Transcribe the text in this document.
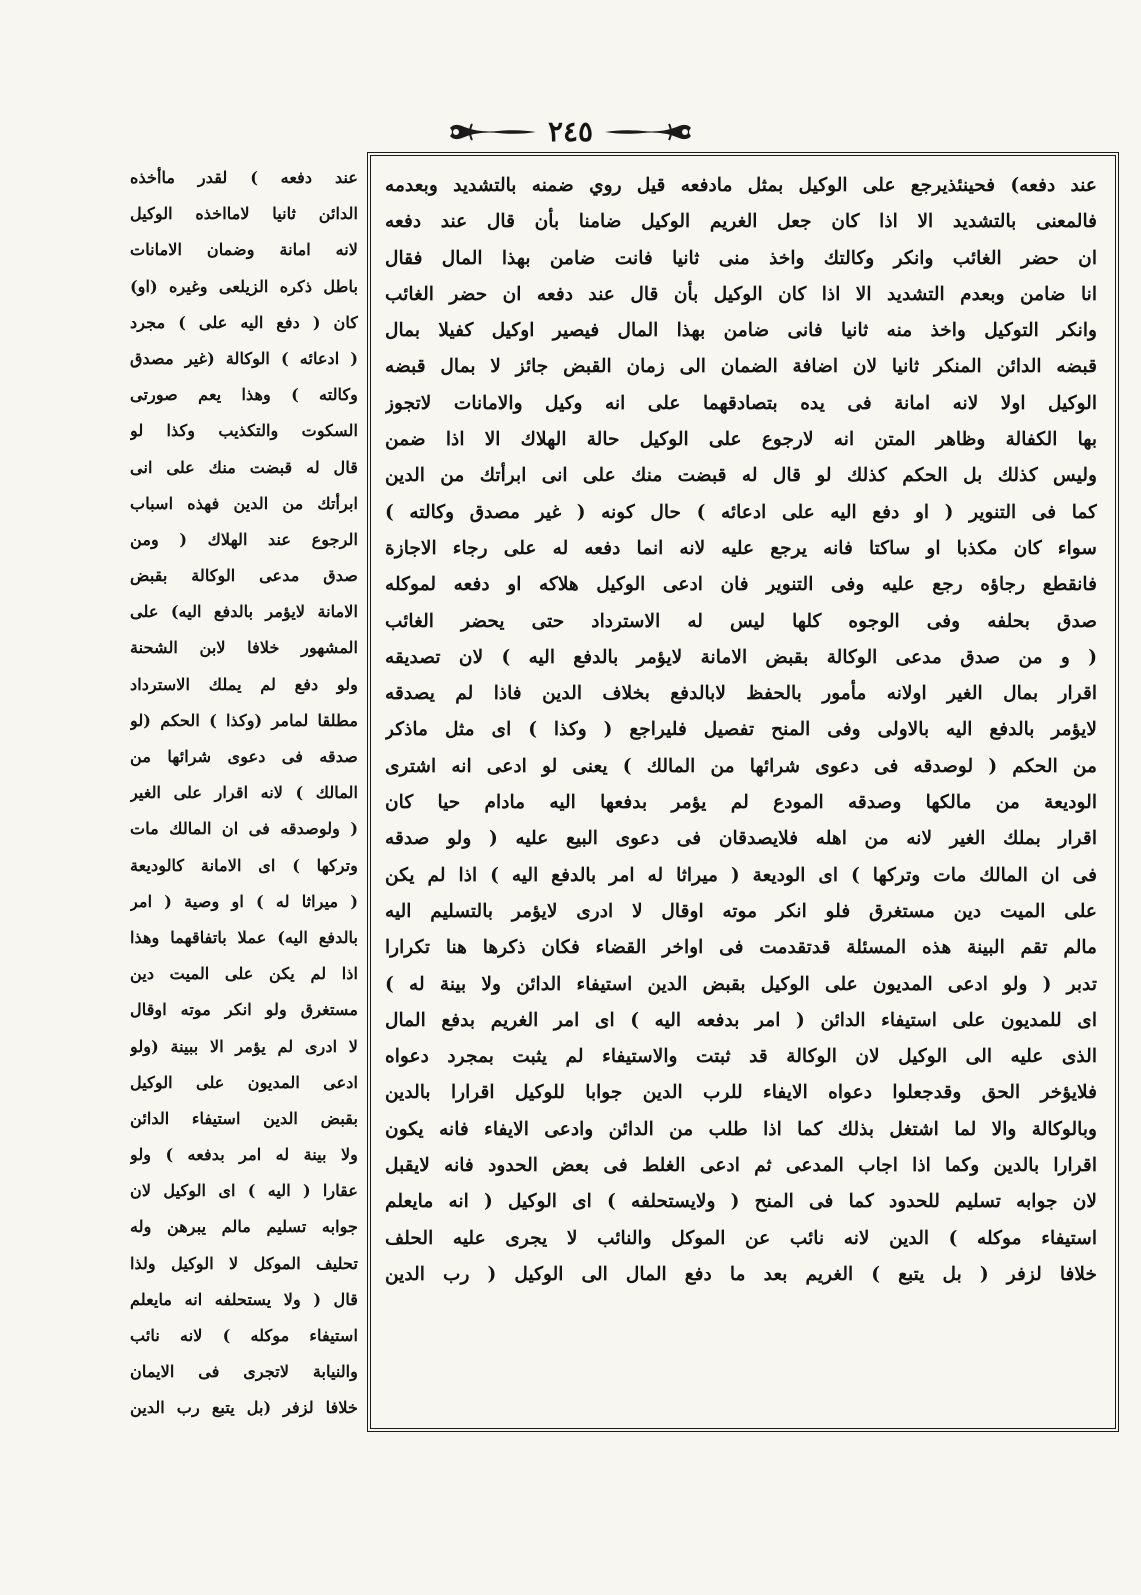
٢٤٥
عند دفعه) فحينئذيرجع على الوكيل بمثل مادفعه قيل روي ضمنه بالتشديد وبعدمه
فالمعنى بالتشديد الا اذا كان جعل الغريم الوكيل ضامنا بأن قال عند دفعه
ان حضر الغائب وانكر وكالتك واخذ منى ثانيا فانت ضامن بهذا المال فقال
انا ضامن وبعدم التشديد الا اذا كان الوكيل بأن قال عند دفعه ان حضر الغائب
وانكر التوكيل واخذ منه ثانيا فانى ضامن بهذا المال فيصير اوكيل كفيلا بمال
قبضه الدائن المنكر ثانيا لان اضافة الضمان الى زمان القبض جائز لا بمال قبضه
الوكيل اولا لانه امانة فى يده بتصادقهما على انه وكيل والامانات لاتجوز
بها الكفالة وظاهر المتن انه لارجوع على الوكيل حالة الهلاك الا اذا ضمن
وليس كذلك بل الحكم كذلك لو قال له قبضت منك على انى ابرأتك من الدين
كما فى التنوير ( او دفع اليه على ادعائه ) حال كونه ( غير مصدق وكالته )
سواء كان مكذبا او ساكتا فانه يرجع عليه لانه انما دفعه له على رجاء الاجازة
فانقطع رجاؤه رجع عليه وفى التنوير فان ادعى الوكيل هلاكه او دفعه لموكله
صدق بحلفه وفى الوجوه كلها ليس له الاسترداد حتى يحضر الغائب
( و من صدق مدعى الوكالة بقبض الامانة لايؤمر بالدفع اليه ) لان تصديقه
اقرار بمال الغير اولانه مأمور بالحفظ لابالدفع بخلاف الدين فاذا لم يصدقه
لايؤمر بالدفع اليه بالاولى وفى المنح تفصيل فليراجع ( وكذا ) اى مثل ماذكر
من الحكم ( لوصدقه فى دعوى شرائها من المالك ) يعنى لو ادعى انه اشترى
الوديعة من مالكها وصدقه المودع لم يؤمر بدفعها اليه مادام حيا كان
اقرار بملك الغير لانه من اهله فلايصدقان فى دعوى البيع عليه ( ولو صدقه
فى ان المالك مات وتركها ) اى الوديعة ( ميراثا له امر بالدفع اليه ) اذا لم يكن
على الميت دين مستغرق فلو انكر موته اوقال لا ادرى لايؤمر بالتسليم اليه
مالم تقم البينة هذه المسئلة قدتقدمت فى اواخر القضاء فكان ذكرها هنا تكرارا
تدبر ( ولو ادعى المديون على الوكيل بقبض الدين استيفاء الدائن ولا بينة له )
اى للمديون على استيفاء الدائن ( امر بدفعه اليه ) اى امر الغريم بدفع المال
الذى عليه الى الوكيل لان الوكالة قد ثبتت والاستيفاء لم يثبت بمجرد دعواه
فلايؤخر الحق وقدجعلوا دعواه الايفاء للرب الدين جوابا للوكيل اقرارا بالدين
وبالوكالة والا لما اشتغل بذلك كما اذا طلب من الدائن وادعى الايفاء فانه يكون
اقرارا بالدين وكما اذا اجاب المدعى ثم ادعى الغلط فى بعض الحدود فانه لايقبل
لان جوابه تسليم للحدود كما فى المنح ( ولايستحلفه ) اى الوكيل ( انه مايعلم
استيفاء موكله ) الدين لانه نائب عن الموكل والنائب لا يجرى عليه الحلف
خلافا لزفر ( بل يتبع ) الغريم بعد ما دفع المال الى الوكيل ( رب الدين
عند دفعه ) لقدر ماأخذه
الدائن ثانيا لامااخذه الوكيل
لانه امانة وضمان الامانات
باطل ذكره الزيلعى وغيره (او)
كان ( دفع اليه على ) مجرد
( ادعائه ) الوكالة (غير مصدق
وكالته ) وهذا يعم صورتى
السكوت والتكذيب وكذا لو
قال له قبضت منك على انى
ابرأتك من الدين فهذه اسباب
الرجوع عند الهلاك ( ومن
صدق مدعى الوكالة بقبض
الامانة لايؤمر بالدفع اليه) على
المشهور خلافا لابن الشحنة
ولو دفع لم يملك الاسترداد
مطلقا لمامر (وكذا ) الحكم (لو
صدقه فى دعوى شرائها من
المالك ) لانه اقرار على الغير
( ولوصدقه فى ان المالك مات
وتركها ) اى الامانة كالوديعة
( ميراثا له ) او وصية ( امر
بالدفع اليه) عملا باتفاقهما وهذا
اذا لم يكن على الميت دين
مستغرق ولو انكر موته اوقال
لا ادرى لم يؤمر الا ببينة (ولو
ادعى المديون على الوكيل
بقبض الدين استيفاء الدائن
ولا بينة له امر بدفعه ) ولو
عقارا ( اليه ) اى الوكيل لان
جوابه تسليم مالم يبرهن وله
تحليف الموكل لا الوكيل ولذا
قال ( ولا يستحلفه انه مايعلم
استيفاء موكله ) لانه نائب
والنيابة لاتجرى فى الايمان
خلافا لزفر (بل يتبع رب الدين
